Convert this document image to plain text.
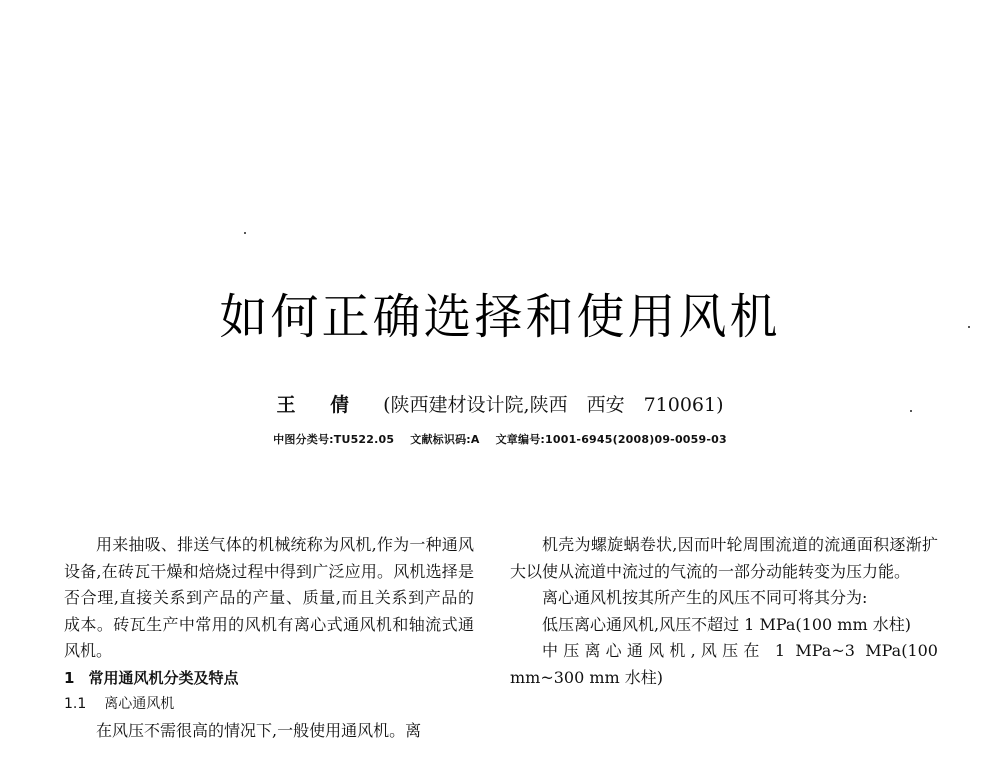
如何正确选择和使用风机
王 倩 (陕西建材设计院,陕西　西安　710061)
中图分类号:TU522.05 文献标识码:A 文章编号:1001-6945(2008)09-0059-03

用来抽吸、排送气体的机械统称为风机,作为一种通风设备,在砖瓦干燥和焙烧过程中得到广泛应用。风机选择是否合理,直接关系到产品的产量、质量,而且关系到产品的成本。砖瓦生产中常用的风机有离心式通风机和轴流式通风机。

1 常用通风机分类及特点

1.1 离心通风机

在风压不需很高的情况下,一般使用通风机。离

机壳为螺旋蜗卷状,因而叶轮周围流道的流通面积逐渐扩大以使从流道中流过的气流的一部分动能转变为压力能。

离心通风机按其所产生的风压不同可将其分为:

低压离心通风机,风压不超过 1 MPa(100 mm 水柱)

中压离心通风机,风压在 1 MPa~3 MPa(100 mm~300 mm 水柱)
